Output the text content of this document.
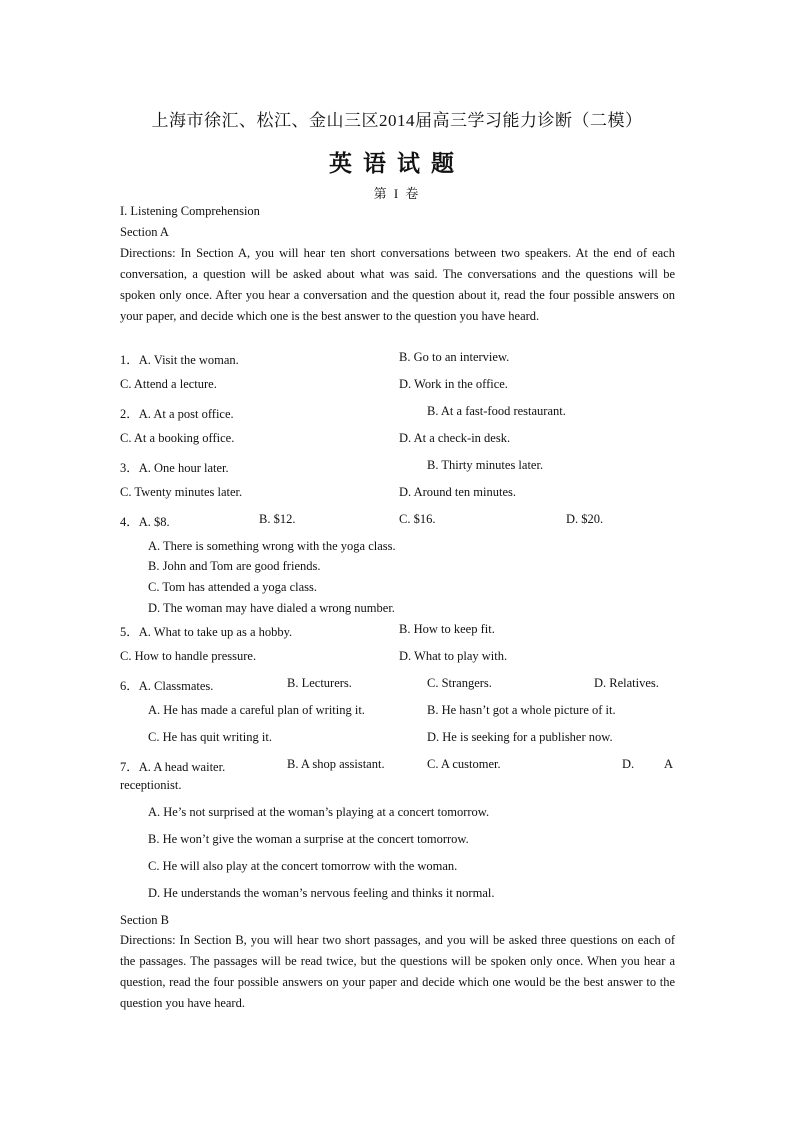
上海市徐汇、松江、金山三区2014届高三学习能力诊断（二模）
英语试题
第 I 卷
I. Listening Comprehension
Section A
Directions: In Section A, you will hear ten short conversations between two speakers. At the end of each conversation, a question will be asked about what was said. The conversations and the questions will be spoken only once. After you hear a conversation and the question about it, read the four possible answers on your paper, and decide which one is the best answer to the question you have heard.
1．A. Visit the woman.	B. Go to an interview.
C. Attend a lecture.	D. Work in the office.
2．A. At a post office.	B. At a fast-food restaurant.
C. At a booking office.	D. At a check-in desk.
3．A. One hour later.	B. Thirty minutes later.
C. Twenty minutes later.	D. Around ten minutes.
4．A. $8.	B. $12.	C. $16.	D. $20.
A. There is something wrong with the yoga class.
B. John and Tom are good friends.
C. Tom has attended a yoga class.
D. The woman may have dialed a wrong number.
5．A. What to take up as a hobby.	B. How to keep fit.
C. How to handle pressure.	D. What to play with.
6．A. Classmates.	B. Lecturers.	C. Strangers.	D. Relatives.
A. He has made a careful plan of writing it.	B. He hasn’t got a whole picture of it.
C. He has quit writing it.	D. He is seeking for a publisher now.
7．A. A head waiter.	B. A shop assistant.	C. A customer.	D. A
receptionist.
A. He’s not surprised at the woman’s playing at a concert tomorrow.
B. He won’t give the woman a surprise at the concert tomorrow.
C. He will also play at the concert tomorrow with the woman.
D. He understands the woman’s nervous feeling and thinks it normal.
Section B
Directions: In Section B, you will hear two short passages, and you will be asked three questions on each of the passages. The passages will be read twice, but the questions will be spoken only once. When you hear a question, read the four possible answers on your paper and decide which one would be the best answer to the question you have heard.
